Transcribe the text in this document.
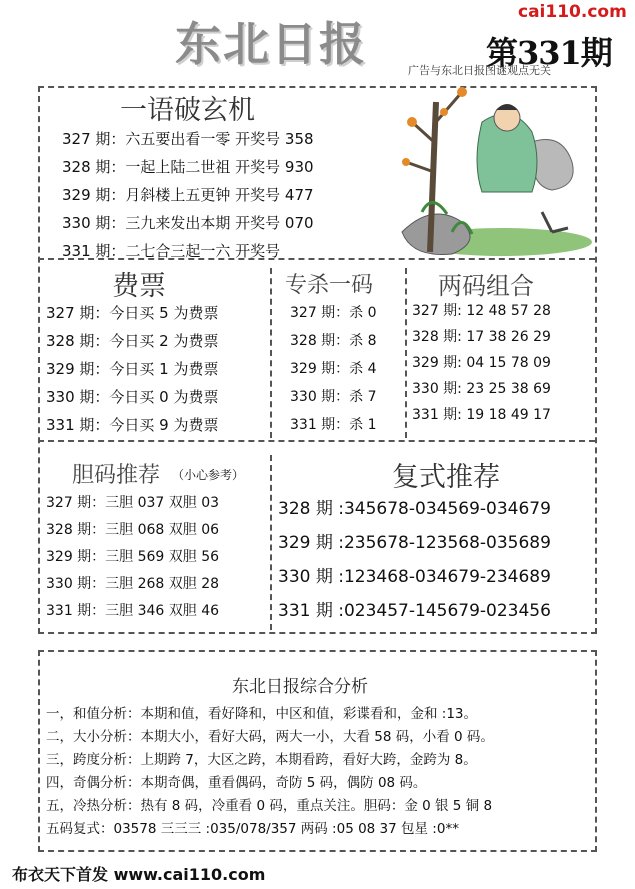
东北日报
cai110.com
第331期
广告与东北日报图谜观点无关
一语破玄机
327 期：六五要出看一零 开奖号 358
328 期：一起上陆二世祖 开奖号 930
329 期：月斜楼上五更钟 开奖号 477
330 期：三九来发出本期 开奖号 070
331 期：二七合三起一六 开奖号
费票
327 期：今日买 5 为费票
328 期：今日买 2 为费票
329 期：今日买 1 为费票
330 期：今日买 0 为费票
331 期：今日买 9 为费票
专杀一码
327 期：杀 0
328 期：杀 8
329 期：杀 4
330 期：杀 7
331 期：杀 1
两码组合
327 期: 12 48 57 28
328 期: 17 38 26 29
329 期: 04 15 78 09
330 期: 23 25 38 69
331 期: 19 18 49 17
胆码推荐 （小心参考）
327 期：三胆 037 双胆 03
328 期：三胆 068 双胆 06
329 期：三胆 569 双胆 56
330 期：三胆 268 双胆 28
331 期：三胆 346 双胆 46
复式推荐
328 期 :345678-034569-034679
329 期 :235678-123568-035689
330 期 :123468-034679-234689
331 期 :023457-145679-023456
东北日报综合分析
一，和值分析：本期和值，看好降和，中区和值，彩谍看和，金和 :13。
二，大小分析：本期大小，看好大码，两大一小，大看 58 码，小看 0 码。
三，跨度分析：上期跨 7，大区之跨，本期看跨，看好大跨，金跨为 8。
四，奇偶分析：本期奇偶，重看偶码，奇防 5 码，偶防 08 码。
五，冷热分析：热有 8 码，冷重看 0 码，重点关注。胆码：金 0 银 5 铜 8
五码复式：03578 三三三 :035/078/357 两码 :05 08 37 包星 :0**
布衣天下首发 www.cai110.com
